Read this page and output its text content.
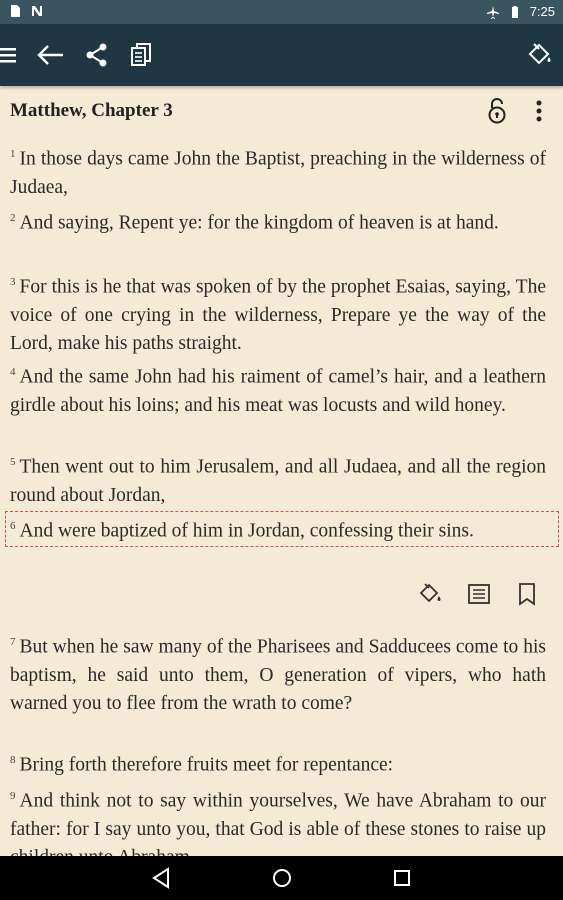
7:25
Matthew, Chapter 3
$^1$ In those days came John the Baptist, preaching in the wilderness of Judaea,
$^2$ And saying, Repent ye: for the kingdom of heaven is at hand.
$^3$ For this is he that was spoken of by the prophet Esaias, saying, The voice of one crying in the wilderness, Prepare ye the way of the Lord, make his paths straight.
$^4$ And the same John had his raiment of camel’s hair, and a leathern girdle about his loins; and his meat was locusts and wild honey.
$^5$ Then went out to him Jerusalem, and all Judaea, and all the region round about Jordan,
$^6$ And were baptized of him in Jordan, confessing their sins.
$^7$ But when he saw many of the Pharisees and Sadducees come to his baptism, he said unto them, O generation of vipers, who hath warned you to flee from the wrath to come?
$^8$ Bring forth therefore fruits meet for repentance:
$^9$ And think not to say within yourselves, We have Abraham to our father: for I say unto you, that God is able of these stones to raise up
